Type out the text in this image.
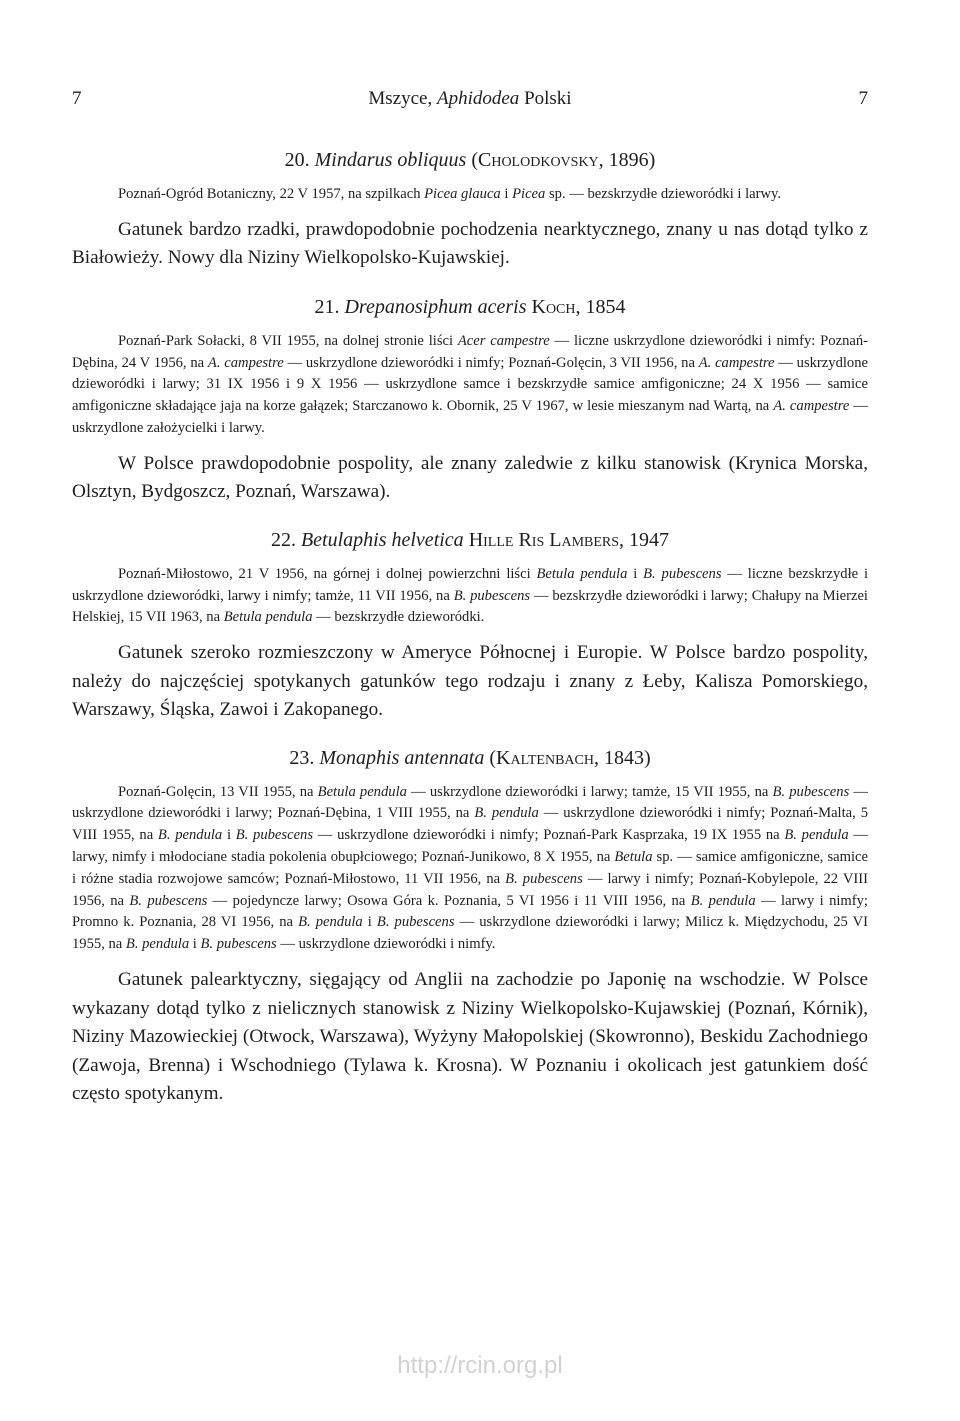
7	Mszyce, Aphidodea Polski	7
20. Mindarus obliquus (Cholodkovsky, 1896)

Poznań-Ogród Botaniczny, 22 V 1957, na szpilkach Picea glauca i Picea sp. — bezskrzydłe dzieworódki i larwy.

Gatunek bardzo rzadki, prawdopodobnie pochodzenia nearktycznego, znany u nas dotąd tylko z Białowieży. Nowy dla Niziny Wielkopolsko-Kujawskiej.

21. Drepanosiphum aceris Koch, 1854

Poznań-Park Sołacki, 8 VII 1955, na dolnej stronie liści Acer campestre — liczne uskrzydlone dzieworódki i nimfy: Poznań-Dębina, 24 V 1956, na A. campestre — uskrzydlone dzieworódki i nimfy; Poznań-Golęcin, 3 VII 1956, na A. campestre — uskrzydlone dzieworódki i larwy; 31 IX 1956 i 9 X 1956 — uskrzydlone samce i bezskrzydłe samice amfigoniczne; 24 X 1956 — samice amfigoniczne składające jaja na korze gałązek; Starczanowo k. Obornik, 25 V 1967, w lesie mieszanym nad Wartą, na A. campestre — uskrzydlone założycielki i larwy.

W Polsce prawdopodobnie pospolity, ale znany zaledwie z kilku stanowisk (Krynica Morska, Olsztyn, Bydgoszcz, Poznań, Warszawa).

22. Betulaphis helvetica Hille Ris Lambers, 1947

Poznań-Miłostowo, 21 V 1956, na górnej i dolnej powierzchni liści Betula pendula i B. pubescens — liczne bezskrzydłe i uskrzydlone dzieworódki, larwy i nimfy; tamże, 11 VII 1956, na B. pubescens — bezskrzydłe dzieworódki i larwy; Chałupy na Mierzei Helskiej, 15 VII 1963, na Betula pendula — bezskrzydłe dzieworódki.

Gatunek szeroko rozmieszczony w Ameryce Północnej i Europie. W Polsce bardzo pospolity, należy do najczęściej spotykanych gatunków tego rodzaju i znany z Łeby, Kalisza Pomorskiego, Warszawy, Śląska, Zawoi i Zakopanego.

23. Monaphis antennata (Kaltenbach, 1843)

Poznań-Golęcin, 13 VII 1955, na Betula pendula — uskrzydlone dzieworódki i larwy; tamże, 15 VII 1955, na B. pubescens — uskrzydlone dzieworódki i larwy; Poznań-Dębina, 1 VIII 1955, na B. pendula — uskrzydlone dzieworódki i nimfy; Poznań-Malta, 5 VIII 1955, na B. pendula i B. pubescens — uskrzydlone dzieworódki i nimfy; Poznań-Park Kasprzaka, 19 IX 1955 na B. pendula — larwy, nimfy i młodociane stadia pokolenia obupłciowego; Poznań-Junikowo, 8 X 1955, na Betula sp. — samice amfigoniczne, samice i różne stadia rozwojowe samców; Poznań-Miłostowo, 11 VII 1956, na B. pubescens — larwy i nimfy; Poznań-Kobylepole, 22 VIII 1956, na B. pubescens — pojedyncze larwy; Osowa Góra k. Poznania, 5 VI 1956 i 11 VIII 1956, na B. pendula — larwy i nimfy; Promno k. Poznania, 28 VI 1956, na B. pendula i B. pubescens — uskrzydlone dzieworódki i larwy; Milicz k. Międzychodu, 25 VI 1955, na B. pendula i B. pubescens — uskrzydlone dzieworódki i nimfy.

Gatunek palearktyczny, sięgający od Anglii na zachodzie po Japonię na wschodzie. W Polsce wykazany dotąd tylko z nielicznych stanowisk z Niziny Wielkopolsko-Kujawskiej (Poznań, Kórnik), Niziny Mazowieckiej (Otwock, Warszawa), Wyżyny Małopolskiej (Skowronno), Beskidu Zachodniego (Zawoja, Brenna) i Wschodniego (Tylawa k. Krosna). W Poznaniu i okolicach jest gatunkiem dość często spotykanym.

http://rcin.org.pl
